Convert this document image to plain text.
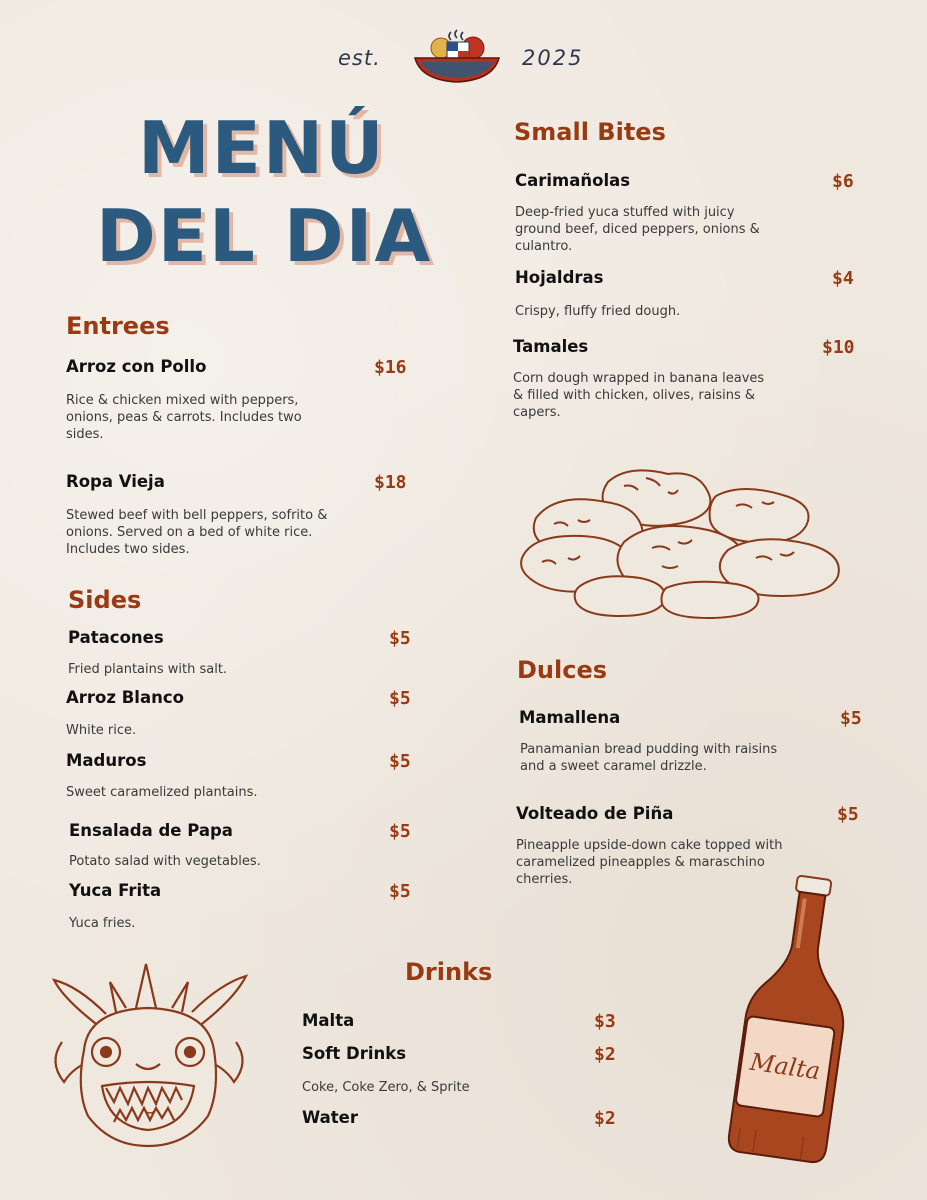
est.	2025
MENÚ
DEL DIA
Entrees
Arroz con Pollo	$16
Rice & chicken mixed with peppers, onions, peas & carrots. Includes two sides.
Ropa Vieja	$18
Stewed beef with bell peppers, sofrito & onions. Served on a bed of white rice. Includes two sides.
Sides
Patacones	$5
Fried plantains with salt.
Arroz Blanco	$5
White rice.
Maduros	$5
Sweet caramelized plantains.
Ensalada de Papa	$5
Potato salad with vegetables.
Yuca Frita	$5
Yuca fries.
Small Bites
Carimañolas	$6
Deep-fried yuca stuffed with juicy ground beef, diced peppers, onions & culantro.
Hojaldras	$4
Crispy, fluffy fried dough.
Tamales	$10
Corn dough wrapped in banana leaves & filled with chicken, olives, raisins & capers.
Dulces
Mamallena	$5
Panamanian bread pudding with raisins and a sweet caramel drizzle.
Volteado de Piña	$5
Pineapple upside-down cake topped with caramelized pineapples & maraschino cherries.
Drinks
Malta	$3
Soft Drinks	$2
Coke, Coke Zero, & Sprite
Water	$2
Malta
